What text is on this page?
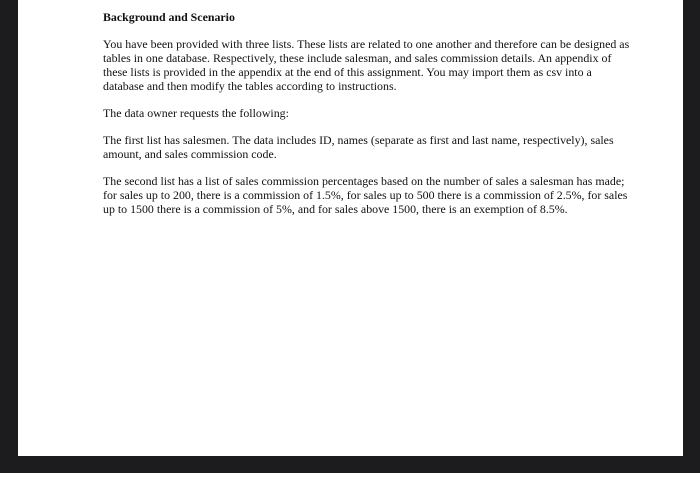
Background and Scenario

You have been provided with three lists. These lists are related to one another and therefore can be designed as tables in one database. Respectively, these include salesman, and sales commission details. An appendix of these lists is provided in the appendix at the end of this assignment. You may import them as csv into a database and then modify the tables according to instructions.

The data owner requests the following:

The first list has salesmen. The data includes ID, names (separate as first and last name, respectively), sales amount, and sales commission code.

The second list has a list of sales commission percentages based on the number of sales a salesman has made; for sales up to 200, there is a commission of 1.5%, for sales up to 500 there is a commission of 2.5%, for sales up to 1500 there is a commission of 5%, and for sales above 1500, there is an exemption of 8.5%.
